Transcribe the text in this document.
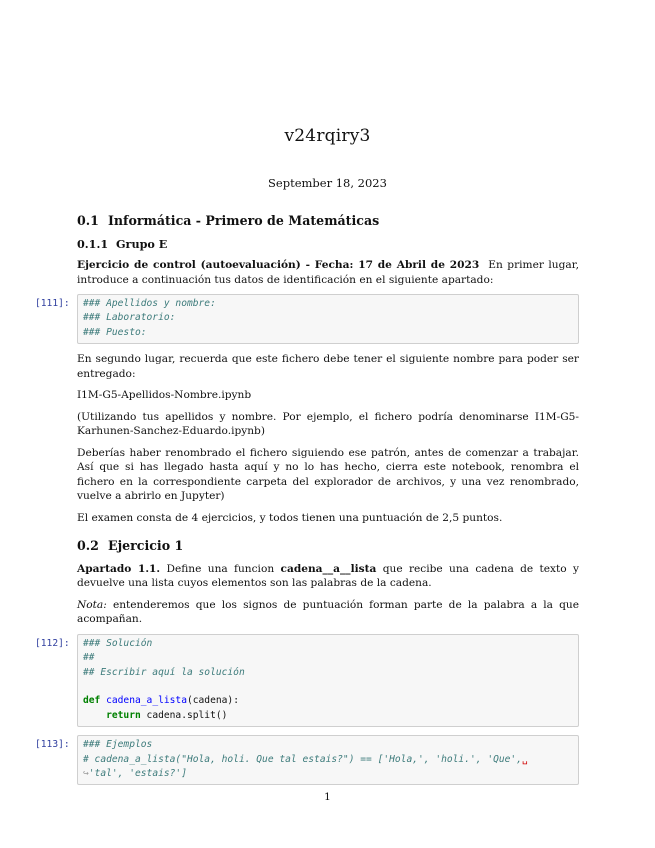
v24rqiry3
September 18, 2023
0.1 Informática - Primero de Matemáticas
0.1.1 Grupo E

Ejercicio de control (autoevaluación) - Fecha: 17 de Abril de 2023 En primer lugar, introduce a continuación tus datos de identificación en el siguiente apartado:

[111]: ### Apellidos y nombre:
### Laboratorio:
### Puesto:

En segundo lugar, recuerda que este fichero debe tener el siguiente nombre para poder ser entregado:

I1M-G5-Apellidos-Nombre.ipynb

(Utilizando tus apellidos y nombre. Por ejemplo, el fichero podría denominarse I1M-G5-Karhunen-Sanchez-Eduardo.ipynb)

Deberías haber renombrado el fichero siguiendo ese patrón, antes de comenzar a trabajar. Así que si has llegado hasta aquí y no lo has hecho, cierra este notebook, renombra el fichero en la correspondiente carpeta del explorador de archivos, y una vez renombrado, vuelve a abrirlo en Jupyter)

El examen consta de 4 ejercicios, y todos tienen una puntuación de 2,5 puntos.

0.2 Ejercicio 1

Apartado 1.1. Define una funcion cadena__a__lista que recibe una cadena de texto y devuelve una lista cuyos elementos son las palabras de la cadena.

Nota: entenderemos que los signos de puntuación forman parte de la palabra a la que acompañan.

[112]: ### Solución
##
## Escribir aquí la solución
def cadena_a_lista(cadena):
return cadena.split()
[113]: ### Ejemplos
# cadena_a_lista("Hola, holi. Que tal estais?") == ['Hola,', 'holi.', 'Que',␣
↪'tal', 'estais?']
1
